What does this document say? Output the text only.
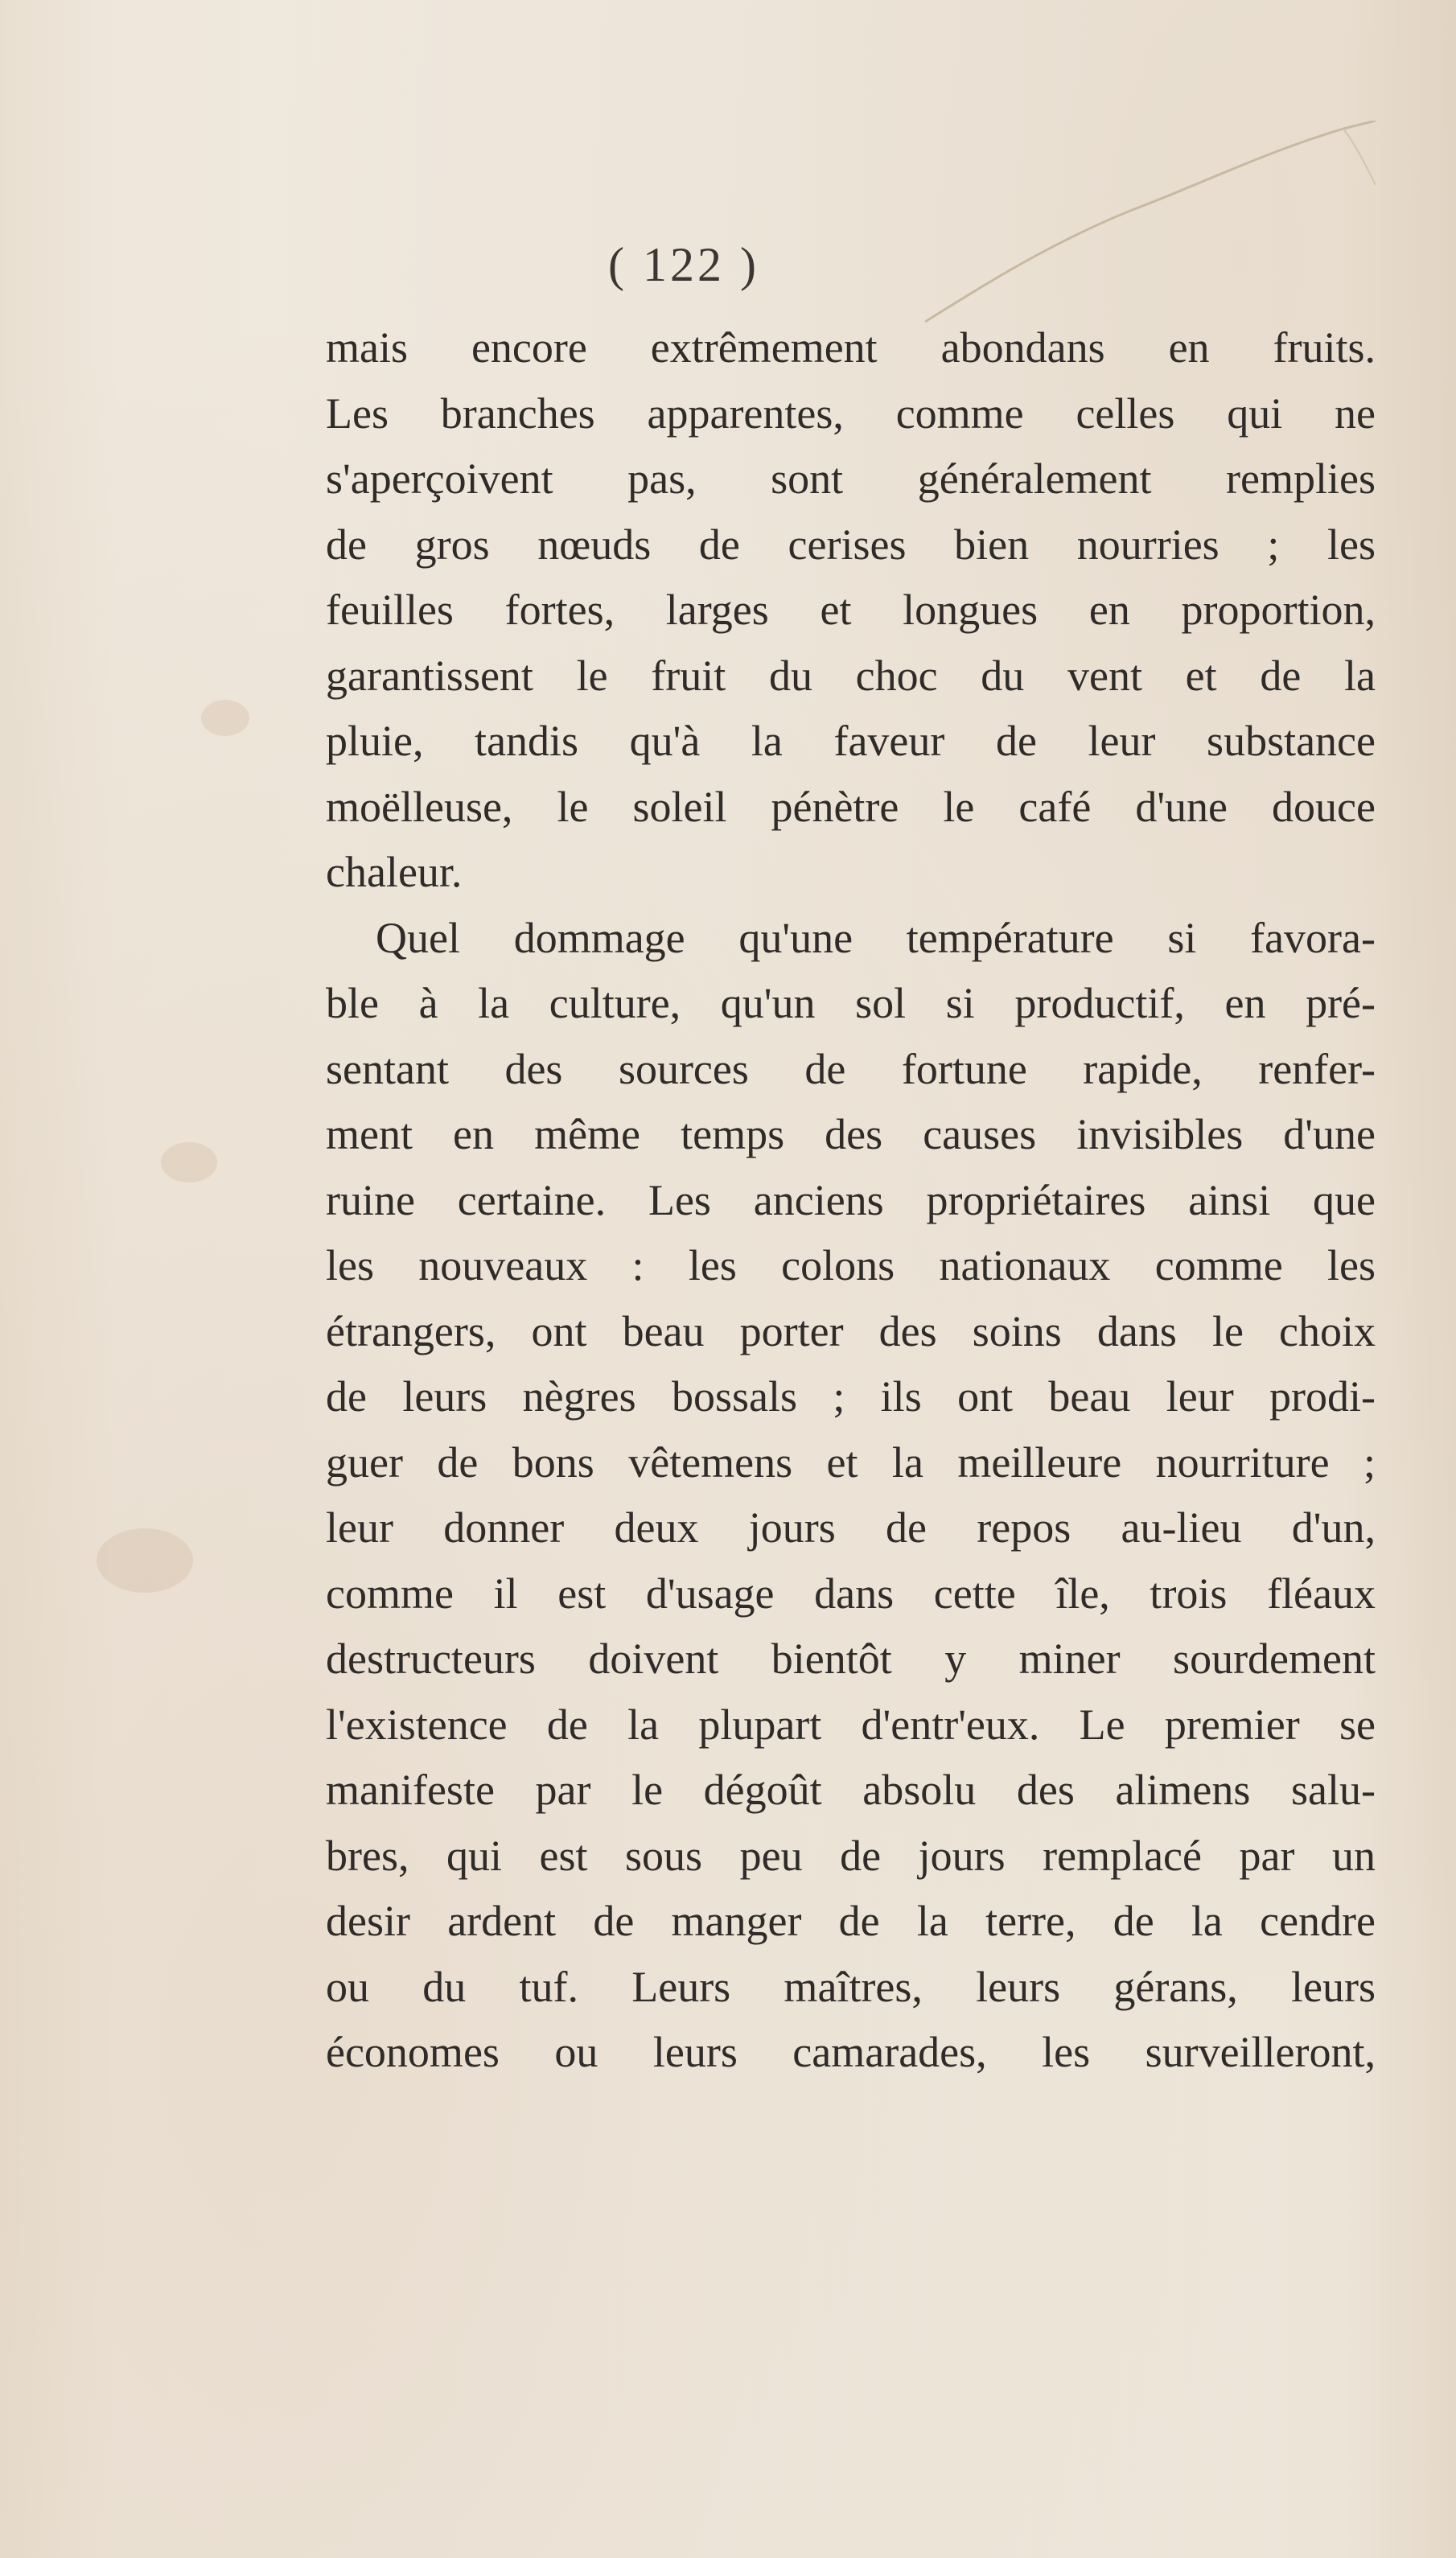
( 122 )
mais encore extrêmement abondans en fruits.
Les branches apparentes, comme celles qui ne
s'aperçoivent pas, sont généralement remplies
de gros nœuds de cerises bien nourries ; les
feuilles fortes, larges et longues en proportion,
garantissent le fruit du choc du vent et de la
pluie, tandis qu'à la faveur de leur substance
moëlleuse, le soleil pénètre le café d'une douce
chaleur.
Quel dommage qu'une température si favora-
ble à la culture, qu'un sol si productif, en pré-
sentant des sources de fortune rapide, renfer-
ment en même temps des causes invisibles d'une
ruine certaine. Les anciens propriétaires ainsi que
les nouveaux : les colons nationaux comme les
étrangers, ont beau porter des soins dans le choix
de leurs nègres bossals ; ils ont beau leur prodi-
guer de bons vêtemens et la meilleure nourriture ;
leur donner deux jours de repos au-lieu d'un,
comme il est d'usage dans cette île, trois fléaux
destructeurs doivent bientôt y miner sourdement
l'existence de la plupart d'entr'eux. Le premier se
manifeste par le dégoût absolu des alimens salu-
bres, qui est sous peu de jours remplacé par un
desir ardent de manger de la terre, de la cendre
ou du tuf. Leurs maîtres, leurs gérans, leurs
économes ou leurs camarades, les surveilleront,
